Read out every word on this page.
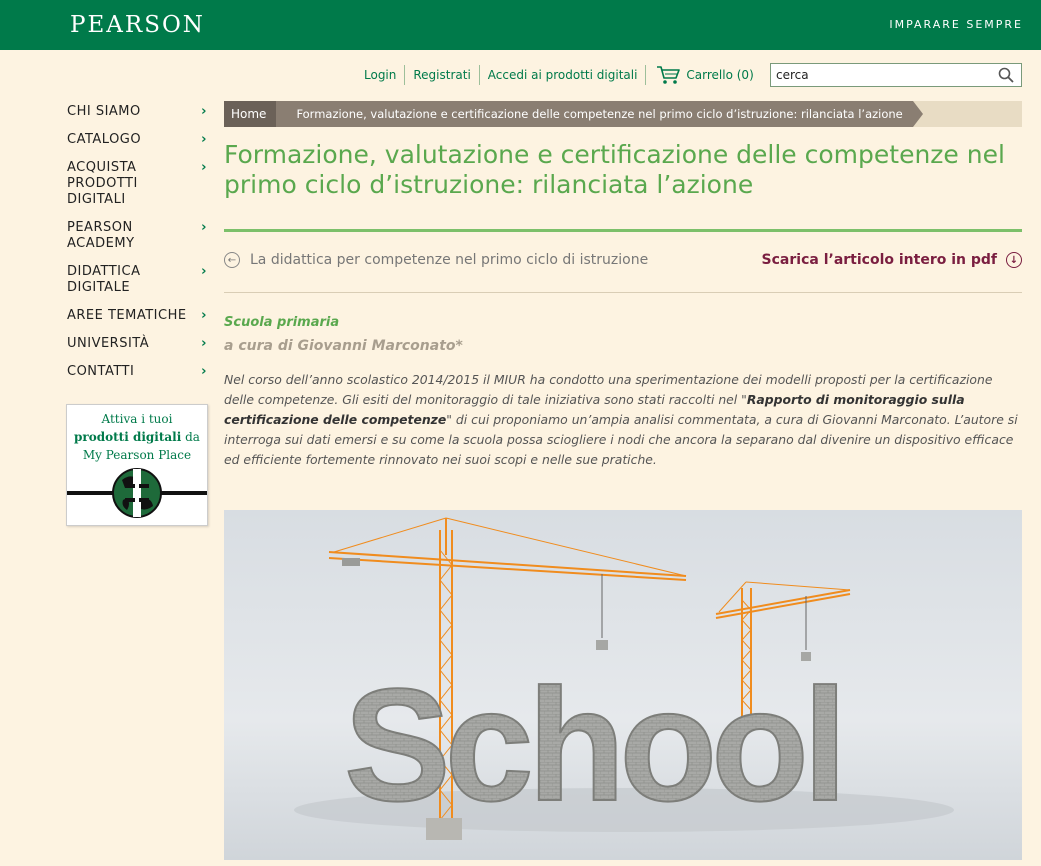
PEARSON	IMPARARE SEMPRE
Login	Registrati	Accedi ai prodotti digitali	Carrello (0)
cerca
CHI SIAMO	›
CATALOGO	›
ACQUISTA PRODOTTI DIGITALI
›
PEARSON ACADEMY
›
DIDATTICA DIGITALE
›
AREE TEMATICHE ›
UNIVERSITÀ	›
CONTATTI	›
Attiva i tuoi
prodotti digitali da
My Pearson Place
Home	Formazione, valutazione e certificazione delle competenze nel primo ciclo d’istruzione: rilanciata l’azione
Formazione, valutazione e certificazione delle competenze nel primo ciclo d’istruzione: rilanciata l’azione
← La didattica per competenze nel primo ciclo di istruzione	Scarica l’articolo intero in pdf	↓
Scuola primaria
a cura di Giovanni Marconato*

Nel corso dell’anno scolastico 2014/2015 il MIUR ha condotto una sperimentazione dei modelli proposti per la certificazione delle competenze. Gli esiti del monitoraggio di tale iniziativa sono stati raccolti nel "Rapporto di monitoraggio sulla certificazione delle competenze" di cui proponiamo un’ampia analisi commentata, a cura di Giovanni Marconato. L’autore si interroga sui dati emersi e su come la scuola possa sciogliere i nodi che ancora la separano dal divenire un dispositivo efficace ed efficiente fortemente rinnovato nei suoi scopi e nelle sue pratiche.

School
